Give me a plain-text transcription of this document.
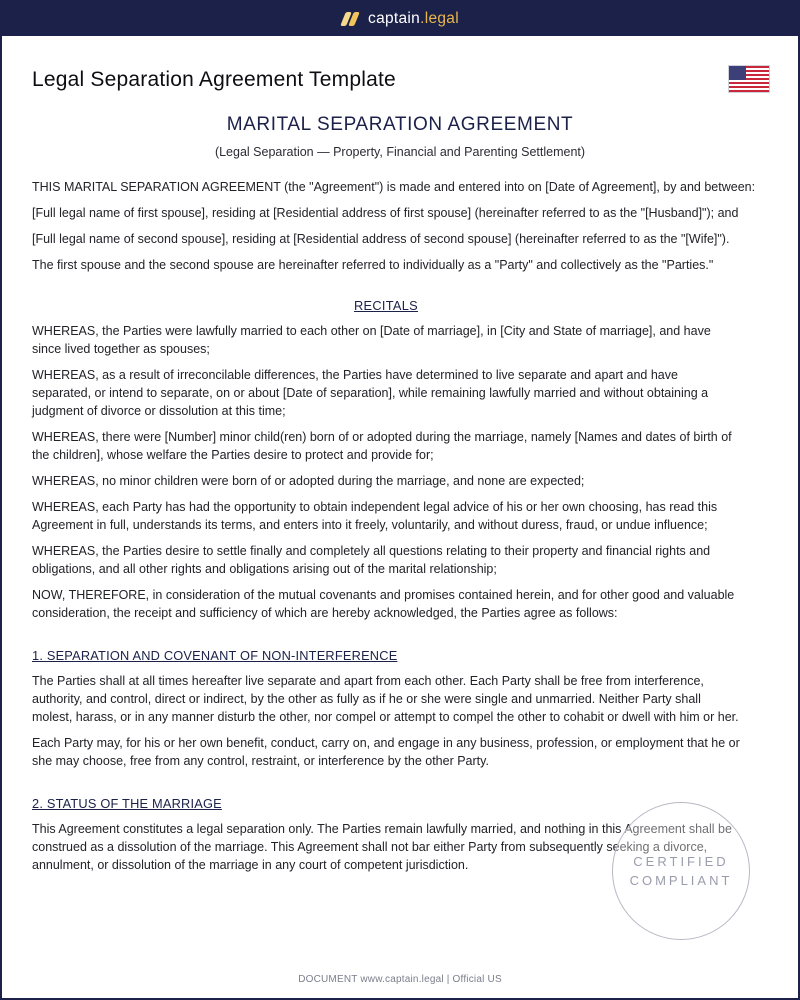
captain.legal
Legal Separation Agreement Template
MARITAL SEPARATION AGREEMENT
(Legal Separation — Property, Financial and Parenting Settlement)

THIS MARITAL SEPARATION AGREEMENT (the "Agreement") is made and entered into on [Date of Agreement], by and between:

[Full legal name of first spouse], residing at [Residential address of first spouse] (hereinafter referred to as the "[Husband]"); and

[Full legal name of second spouse], residing at [Residential address of second spouse] (hereinafter referred to as the "[Wife]").

The first spouse and the second spouse are hereinafter referred to individually as a "Party" and collectively as the "Parties."

RECITALS

WHEREAS, the Parties were lawfully married to each other on [Date of marriage], in [City and State of marriage], and have since lived together as spouses;

WHEREAS, as a result of irreconcilable differences, the Parties have determined to live separate and apart and have separated, or intend to separate, on or about [Date of separation], while remaining lawfully married and without obtaining a judgment of divorce or dissolution at this time;

WHEREAS, there were [Number] minor child(ren) born of or adopted during the marriage, namely [Names and dates of birth of the children], whose welfare the Parties desire to protect and provide for;

WHEREAS, no minor children were born of or adopted during the marriage, and none are expected;

WHEREAS, each Party has had the opportunity to obtain independent legal advice of his or her own choosing, has read this Agreement in full, understands its terms, and enters into it freely, voluntarily, and without duress, fraud, or undue influence;

WHEREAS, the Parties desire to settle finally and completely all questions relating to their property and financial rights and obligations, and all other rights and obligations arising out of the marital relationship;

NOW, THEREFORE, in consideration of the mutual covenants and promises contained herein, and for other good and valuable consideration, the receipt and sufficiency of which are hereby acknowledged, the Parties agree as follows:

1. SEPARATION AND COVENANT OF NON-INTERFERENCE

The Parties shall at all times hereafter live separate and apart from each other. Each Party shall be free from interference, authority, and control, direct or indirect, by the other as fully as if he or she were single and unmarried. Neither Party shall molest, harass, or in any manner disturb the other, nor compel or attempt to compel the other to cohabit or dwell with him or her.

Each Party may, for his or her own benefit, conduct, carry on, and engage in any business, profession, or employment that he or she may choose, free from any control, restraint, or interference by the other Party.

2. STATUS OF THE MARRIAGE

This Agreement constitutes a legal separation only. The Parties remain lawfully married, and nothing in this Agreement shall be construed as a dissolution of the marriage. This Agreement shall not bar either Party from subsequently seeking a divorce, annulment, or dissolution of the marriage in any court of competent jurisdiction.	CERTIFIED
COMPLIANT
DOCUMENT www.captain.legal | Official US
